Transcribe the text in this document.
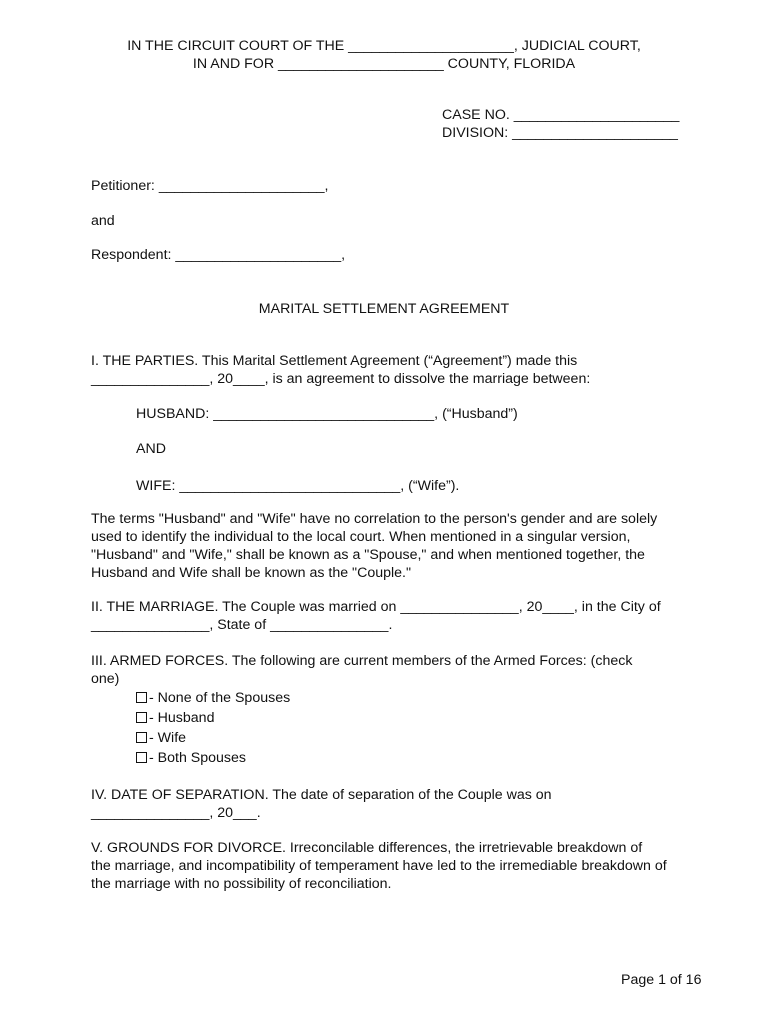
IN THE CIRCUIT COURT OF THE _____________________, JUDICIAL COURT,
IN AND FOR _____________________ COUNTY, FLORIDA
CASE NO. _____________________
DIVISION: _____________________
Petitioner: _____________________,
and
Respondent: _____________________,
MARITAL SETTLEMENT AGREEMENT
I. THE PARTIES. This Marital Settlement Agreement (“Agreement”) made this
_______________, 20____, is an agreement to dissolve the marriage between:
HUSBAND: ____________________________, (“Husband”)
AND
WIFE: ____________________________, (“Wife”).
The terms "Husband" and "Wife" have no correlation to the person's gender and are solely
used to identify the individual to the local court. When mentioned in a singular version,
"Husband" and "Wife," shall be known as a "Spouse," and when mentioned together, the
Husband and Wife shall be known as the "Couple."
II. THE MARRIAGE. The Couple was married on _______________, 20____, in the City of
_______________, State of _______________.
III. ARMED FORCES. The following are current members of the Armed Forces: (check
one)
- None of the Spouses
- Husband
- Wife
- Both Spouses
IV. DATE OF SEPARATION. The date of separation of the Couple was on
_______________, 20___.
V. GROUNDS FOR DIVORCE. Irreconcilable differences, the irretrievable breakdown of
the marriage, and incompatibility of temperament have led to the irremediable breakdown of
the marriage with no possibility of reconciliation.
Page 1 of 16
